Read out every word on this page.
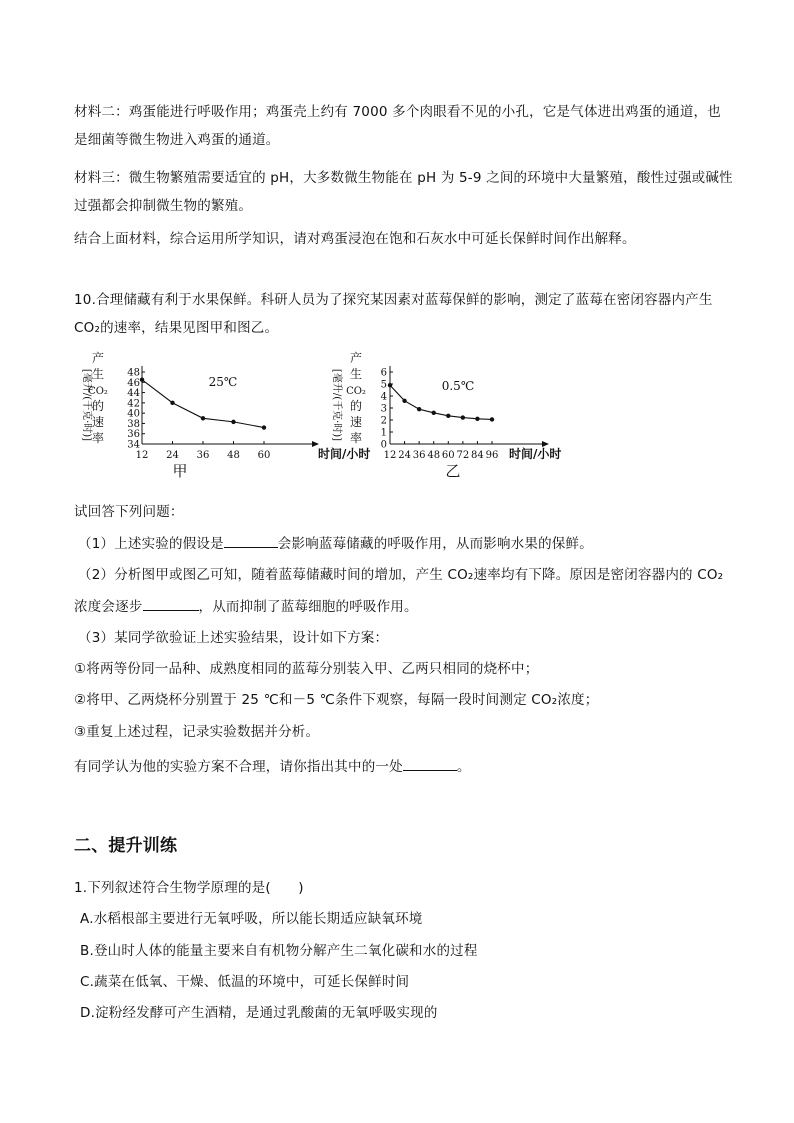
材料二：鸡蛋能进行呼吸作用；鸡蛋壳上约有 7000 多个肉眼看不见的小孔，它是气体进出鸡蛋的通道，也
是细菌等微生物进入鸡蛋的通道。
材料三：微生物繁殖需要适宜的 pH，大多数微生物能在 pH 为 5-9 之间的环境中大量繁殖，酸性过强或碱性
过强都会抑制微生物的繁殖。
结合上面材料，综合运用所学知识，请对鸡蛋浸泡在饱和石灰水中可延长保鲜时间作出解释。
10.合理储藏有利于水果保鲜。科研人员为了探究某因素对蓝莓保鲜的影响，测定了蓝莓在密闭容器内产生
CO₂的速率，结果见图甲和图乙。
产
生
CO₂
的
速
率
[毫升/(千克·时)]
34
36
38
40
42
44
46
48
12 24 36 48 60
25℃
时间/小时
甲
产
生
CO₂
的
速
率
[毫升/(千克·时)]
0
1
2
3
4
5
6
12 24 36 48 60 72 84 96
0.5℃
时间/小时
乙
试回答下列问题：
（1）上述实验的假设是	会影响蓝莓储藏的呼吸作用，从而影响水果的保鲜。
（2）分析图甲或图乙可知，随着蓝莓储藏时间的增加，产生 CO₂速率均有下降。原因是密闭容器内的 CO₂
浓度会逐步	，从而抑制了蓝莓细胞的呼吸作用。
（3）某同学欲验证上述实验结果，设计如下方案：
①将两等份同一品种、成熟度相同的蓝莓分别装入甲、乙两只相同的烧杯中；
②将甲、乙两烧杯分别置于 25 ℃和－5 ℃条件下观察，每隔一段时间测定 CO₂浓度；
③重复上述过程，记录实验数据并分析。
有同学认为他的实验方案不合理，请你指出其中的一处	。
二、提升训练
1.下列叙述符合生物学原理的是(　　)
A.水稻根部主要进行无氧呼吸，所以能长期适应缺氧环境
B.登山时人体的能量主要来自有机物分解产生二氧化碳和水的过程
C.蔬菜在低氧、干燥、低温的环境中，可延长保鲜时间
D.淀粉经发酵可产生酒精，是通过乳酸菌的无氧呼吸实现的
